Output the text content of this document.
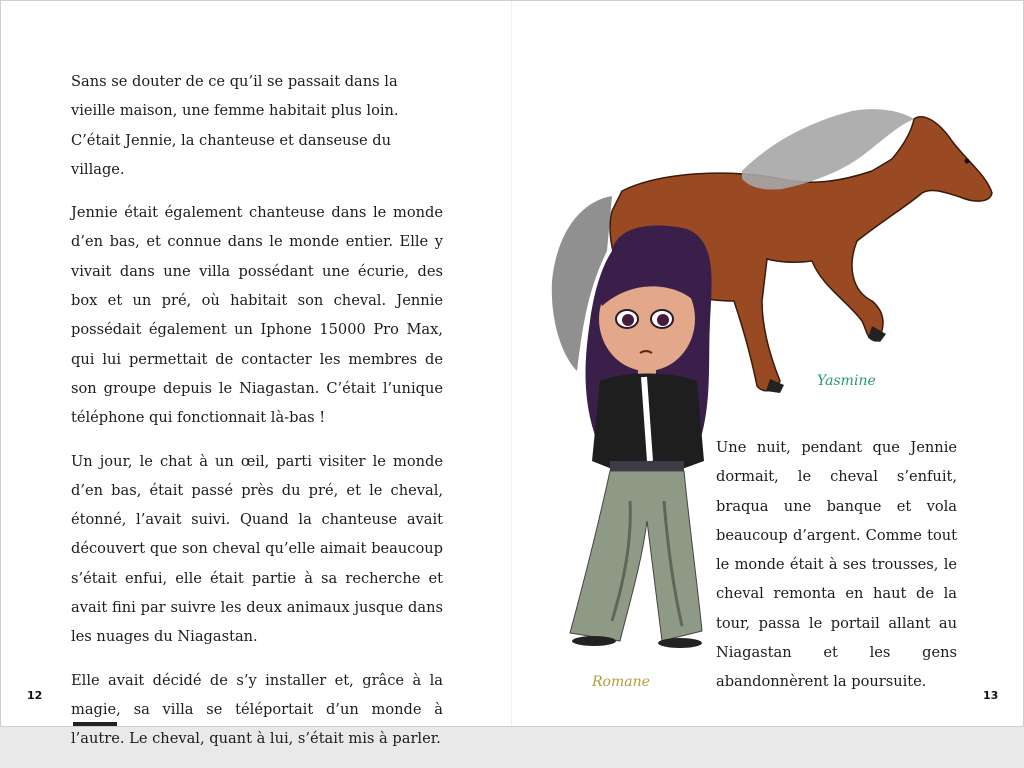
Sans se douter de ce qu’il se passait dans la vieille maison, une femme habitait plus loin. C’était Jennie, la chanteuse et danseuse du village.

Jennie était également chanteuse dans le monde d’en bas, et connue dans le monde entier. Elle y vivait dans une villa possédant une écurie, des box et un pré, où habitait son cheval. Jennie possédait également un Iphone 15000 Pro Max, qui lui permettait de contacter les membres de son groupe depuis le Niagastan. C’était l’unique téléphone qui fonctionnait là-bas !

Un jour, le chat à un œil, parti visiter le monde d’en bas, était passé près du pré, et le cheval, étonné, l’avait suivi. Quand la chanteuse avait découvert que son cheval qu’elle aimait beaucoup s’était enfui, elle était partie à sa recherche et avait fini par suivre les deux animaux jusque dans les nuages du Niagastan.

Elle avait décidé de s’y installer et, grâce à la magie, sa villa se téléportait d’un monde à l’autre. Le cheval, quant à lui, s’était mis à parler.

12
Yasmine
Romane

Une nuit, pendant que Jennie dormait, le cheval s’enfuit, braqua une banque et vola beaucoup d’argent. Comme tout le monde était à ses trousses, le cheval remonta en haut de la tour, passa le portail allant au Niagastan et les gens abandonnèrent la poursuite.

13
